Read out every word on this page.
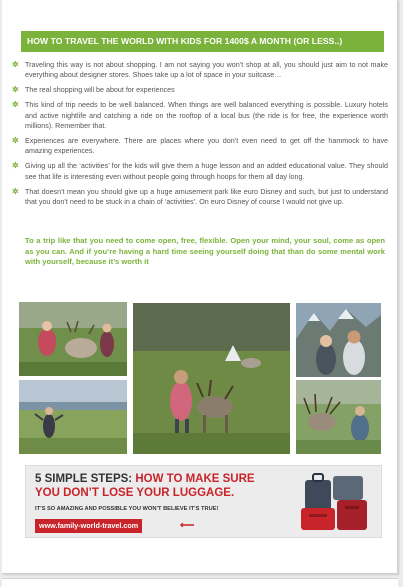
HOW TO TRAVEL THE WORLD WITH KIDS FOR 1400$ A MONTH (OR LESS..)
✲ Traveling this way is not about shopping. I am not saying you won’t shop at all, you should just aim to not make everything about designer stores. Shoes take up a lot of space in your suitcase…
✲ The real shopping will be about for experiences
✲ This kind of trip needs to be well balanced. When things are well balanced everything is possible. Luxury hotels and active nightlife and catching a ride on the rooftop of a local bus (the ride is for free, the experience worth millions). Remember that.
✲ Experiences are everywhere. There are places where you don’t even need to get off the hammock to have amazing experiences.
✲ Giving up all the ‘activities’ for the kids will give them a huge lesson and an added educational value. They should see that life is interesting even without people going through hoops for them all day long.
✲ That doesn’t mean you should give up a huge amusement park like euro Disney and such, but just to understand that you don’t need to be stuck in a chain of ‘activities’. On euro Disney of course I would not give up.
To a trip like that you need to come open, free, flexible. Open your mind, your soul, come as open as you can. And if you’re having a hard time seeing yourself doing that than do some mental work with yourself, because it’s worth it
5 SIMPLE STEPS: HOW TO MAKE SURE
YOU DON’T LOSE YOUR LUGGAGE.
IT’S SO AMAZING AND POSSIBLE YOU WON’T BELIEVE IT’S TRUE!
www.family-world-travel.com	⟵
